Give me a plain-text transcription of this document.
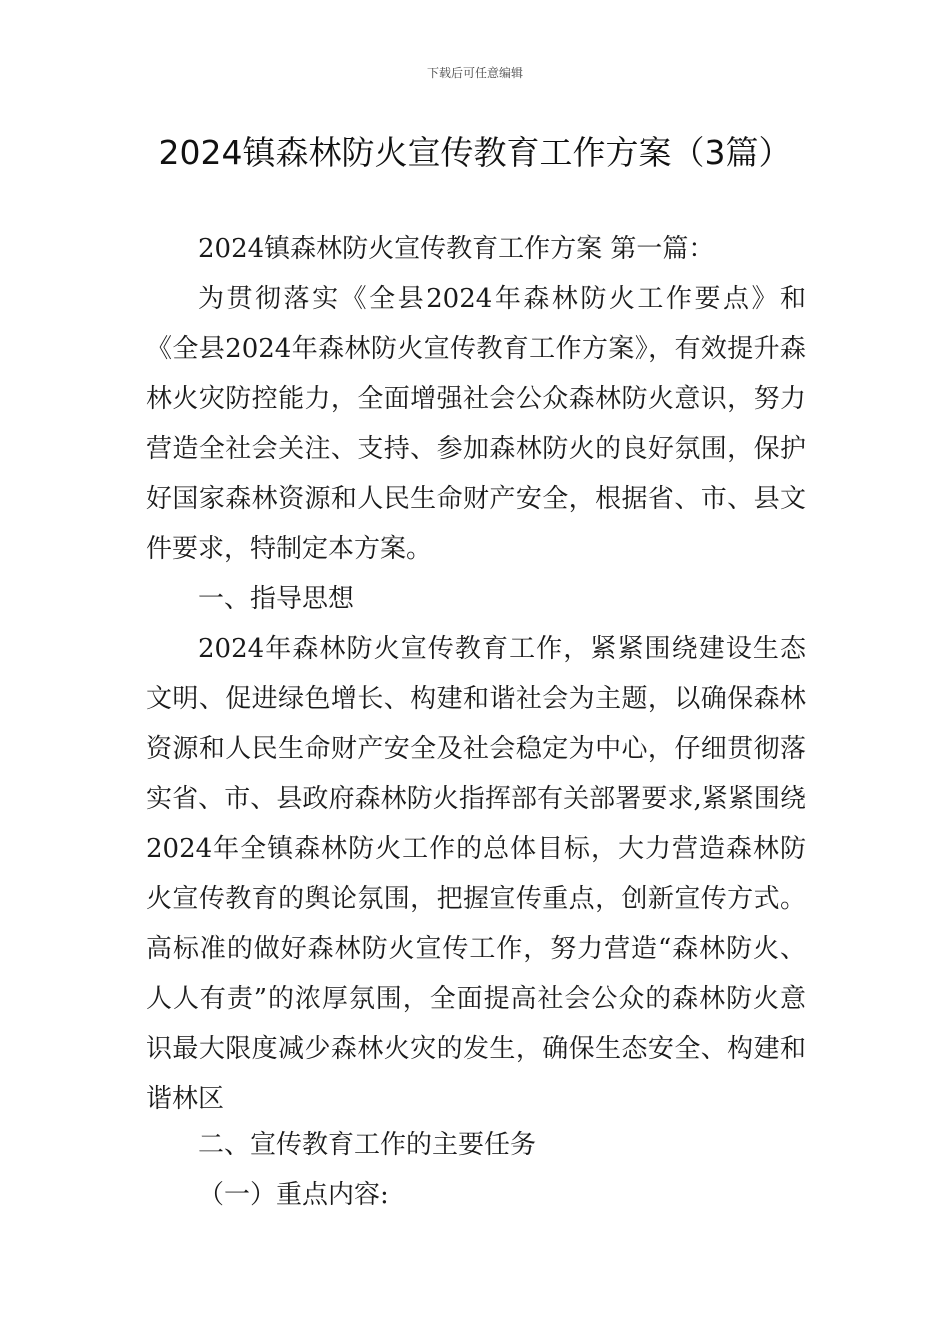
下载后可任意编辑
2024镇森林防火宣传教育工作方案（3篇）

2024镇森林防火宣传教育工作方案 第一篇：

为贯彻落实《全县2024年森林防火工作要点》和《全县2024年森林防火宣传教育工作方案》，有效提升森林火灾防控能力，全面增强社会公众森林防火意识，努力营造全社会关注、支持、参加森林防火的良好氛围，保护好国家森林资源和人民生命财产安全，根据省、市、县文件要求，特制定本方案。

一、指导思想

2024年森林防火宣传教育工作，紧紧围绕建设生态文明、促进绿色增长、构建和谐社会为主题，以确保森林资源和人民生命财产安全及社会稳定为中心，仔细贯彻落实省、市、县政府森林防火指挥部有关部署要求,紧紧围绕2024年全镇森林防火工作的总体目标，大力营造森林防火宣传教育的舆论氛围，把握宣传重点，创新宣传方式。高标准的做好森林防火宣传工作，努力营造“森林防火、人人有责”的浓厚氛围，全面提高社会公众的森林防火意识最大限度减少森林火灾的发生，确保生态安全、构建和谐林区

二、宣传教育工作的主要任务

（一）重点内容:
